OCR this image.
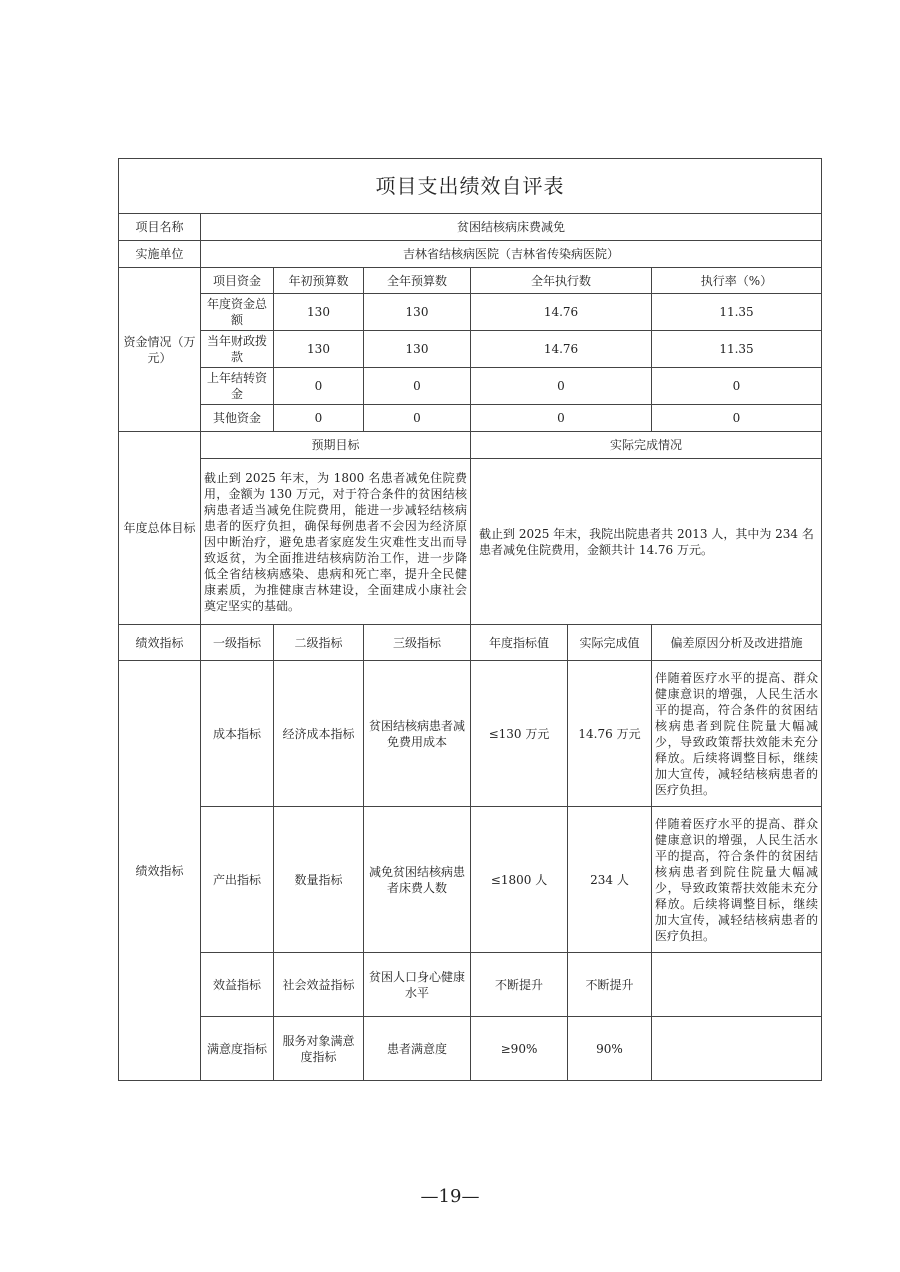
项目支出绩效自评表						
项目名称	贫困结核病床费减免					
实施单位	吉林省结核病医院（吉林省传染病医院）					
资金情况（万元）	项目资金	年初预算数	全年预算数	全年执行数		执行率（%）
	年度资金总额	130	130	14.76		11.35
	当年财政拨款	130	130	14.76		11.35
	上年结转资金	0	0	0		0
	其他资金	0	0	0		0
年度总体目标	预期目标			实际完成情况		
	截止到 2025 年末，为 1800 名患者减免住院费用，金额为 130 万元，对于符合条件的贫困结核病患者适当减免住院费用，能进一步减轻结核病患者的医疗负担，确保每例患者不会因为经济原因中断治疗，避免患者家庭发生灾难性支出而导致返贫，为全面推进结核病防治工作，进一步降低全省结核病感染、患病和死亡率，提升全民健康素质，为推健康吉林建设，全面建成小康社会奠定坚实的基础。			截止到 2025 年末，我院出院患者共 2013 人，其中为 234 名患者减免住院费用，金额共计 14.76 万元。		
绩效指标	一级指标	二级指标	三级指标	年度指标值	实际完成值	偏差原因分析及改进措施
绩效指标	成本指标	经济成本指标	贫困结核病患者减免费用成本	≤130 万元	14.76 万元	伴随着医疗水平的提高、群众健康意识的增强，人民生活水平的提高，符合条件的贫困结核病患者到院住院量大幅减少，导致政策帮扶效能未充分释放。后续将调整目标，继续加大宣传，减轻结核病患者的医疗负担。
	产出指标	数量指标	减免贫困结核病患者床费人数	≤1800 人	234 人	伴随着医疗水平的提高、群众健康意识的增强，人民生活水平的提高，符合条件的贫困结核病患者到院住院量大幅减少，导致政策帮扶效能未充分释放。后续将调整目标，继续加大宣传，减轻结核病患者的医疗负担。
	效益指标	社会效益指标	贫困人口身心健康水平	不断提升	不断提升	
	满意度指标	服务对象满意度指标	患者满意度	≥90%	90%	
—19—
